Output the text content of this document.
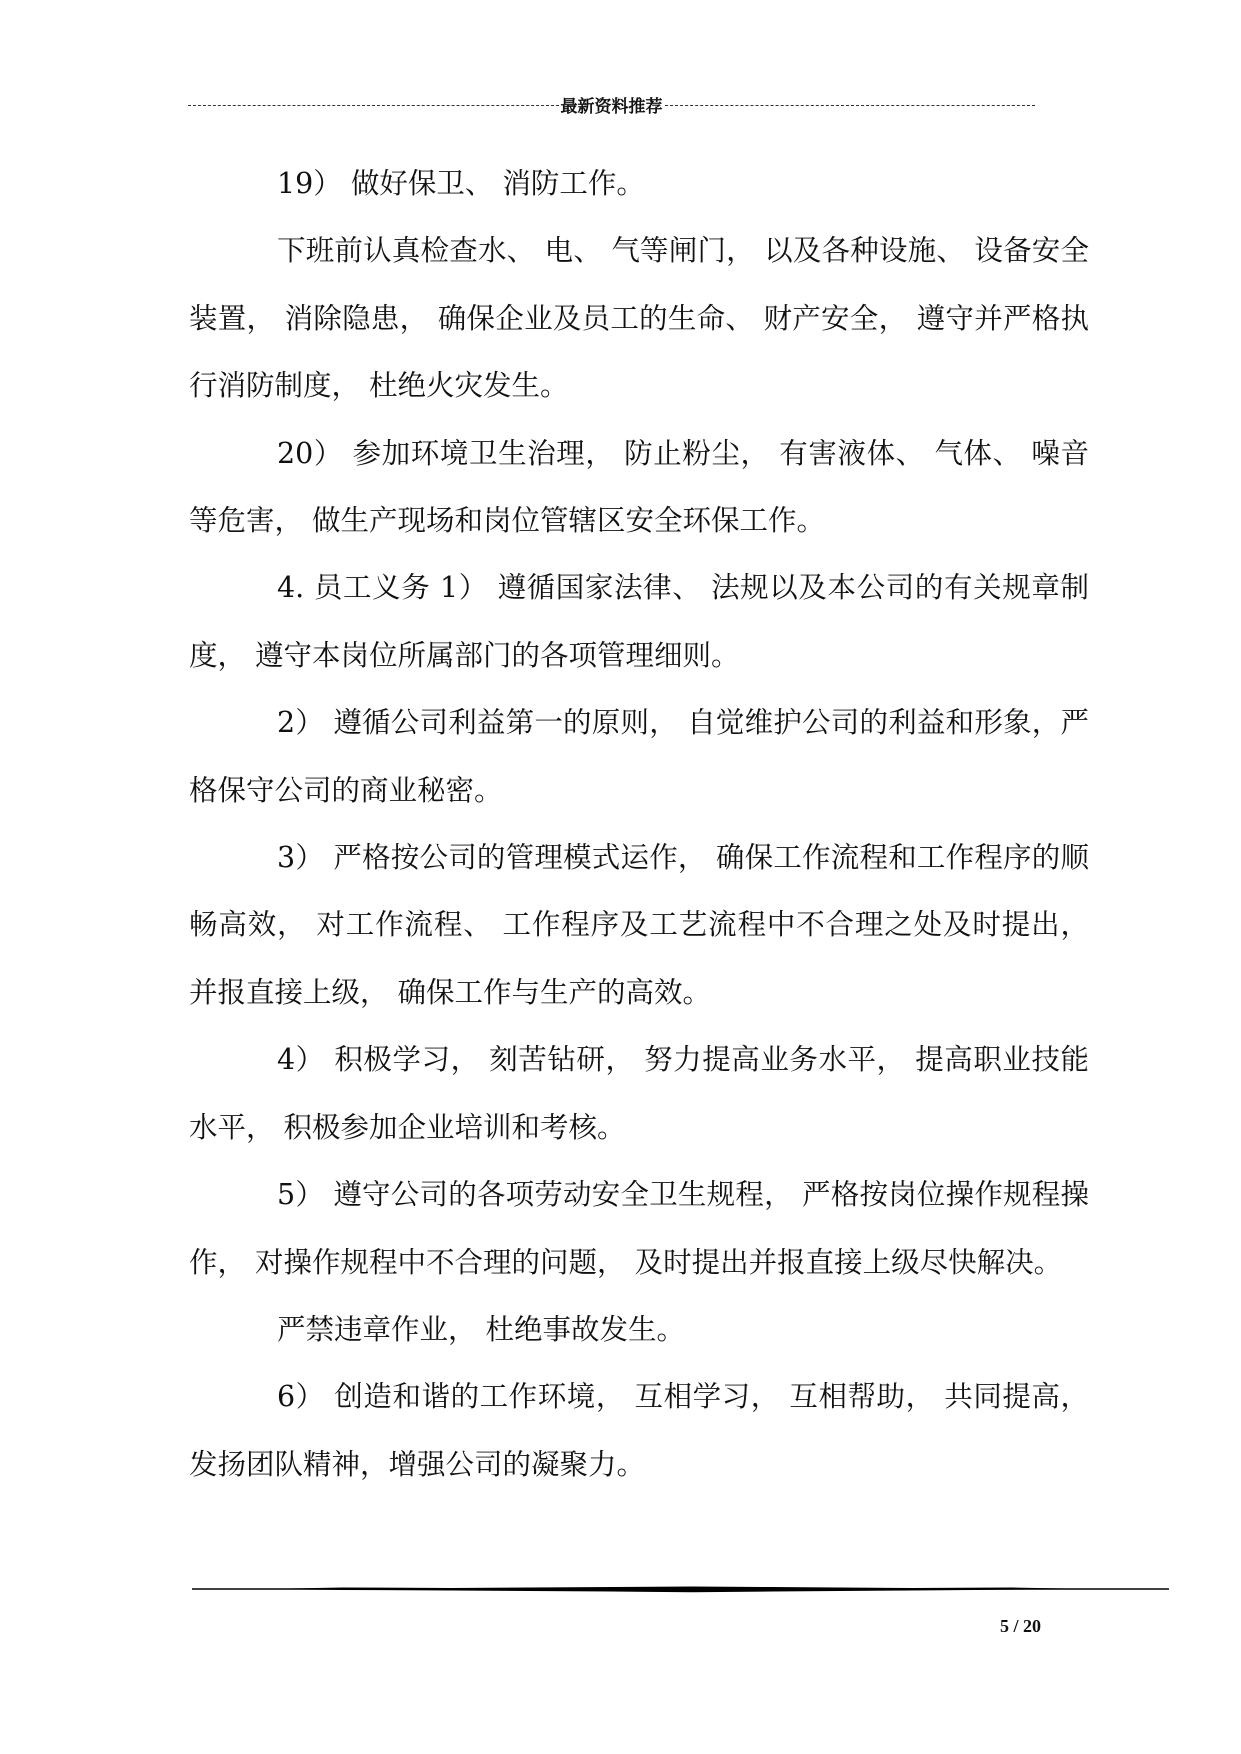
最新资料推荐

19） 做好保卫、 消防工作。

下班前认真检查水、 电、 气等闸门， 以及各种设施、 设备安全装置， 消除隐患， 确保企业及员工的生命、 财产安全， 遵守并严格执行消防制度， 杜绝火灾发生。

20） 参加环境卫生治理， 防止粉尘， 有害液体、 气体、 噪音等危害， 做生产现场和岗位管辖区安全环保工作。

4. 员工义务 1） 遵循国家法律、 法规以及本公司的有关规章制度， 遵守本岗位所属部门的各项管理细则。

2） 遵循公司利益第一的原则， 自觉维护公司的利益和形象，严格保守公司的商业秘密。

3） 严格按公司的管理模式运作， 确保工作流程和工作程序的顺畅高效， 对工作流程、 工作程序及工艺流程中不合理之处及时提出， 并报直接上级， 确保工作与生产的高效。

4） 积极学习， 刻苦钻研， 努力提高业务水平， 提高职业技能水平， 积极参加企业培训和考核。

5） 遵守公司的各项劳动安全卫生规程， 严格按岗位操作规程操作， 对操作规程中不合理的问题， 及时提出并报直接上级尽快解决。

严禁违章作业， 杜绝事故发生。

6） 创造和谐的工作环境， 互相学习， 互相帮助， 共同提高， 发扬团队精神，增强公司的凝聚力。

5 / 20
